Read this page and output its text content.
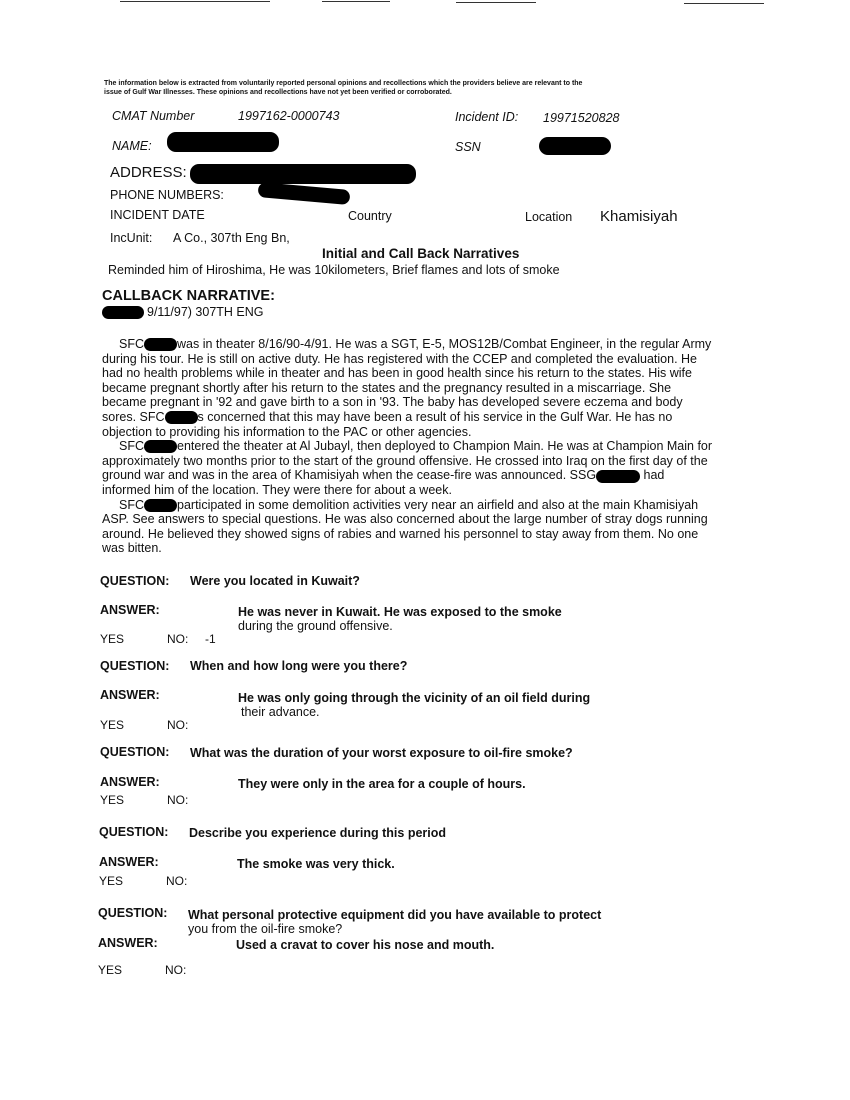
The information below is extracted from voluntarily reported personal opinions and recollections which the providers believe are relevant to the
issue of Gulf War Illnesses. These opinions and recollections have not yet been verified or corroborated.
CMAT Number	1997162-0000743	Incident ID: 19971520828
NAME:	SSN
ADDRESS:
PHONE NUMBERS:
INCIDENT DATE	Country	Location Khamisiyah
IncUnit: A Co., 307th Eng Bn,
Initial and Call Back Narratives
Reminded him of Hiroshima, He was 10kilometers, Brief flames and lots of smoke
CALLBACK NARRATIVE:
9/11/97) 307TH ENG

SFC	was in theater 8/16/90-4/91. He was a SGT, E-5, MOS12B/Combat Engineer, in the regular Army during his tour. He is still on active duty. He has registered with the CCEP and completed the evaluation. He had no health problems while in theater and has been in good health since his return to the states. His wife became pregnant shortly after his return to the states and the pregnancy resulted in a miscarriage. She became pregnant in '92 and gave birth to a son in '93. The baby has developed severe eczema and body sores. SFC	s concerned that this may have been a result of his service in the Gulf War. He has no objection to providing his information to the PAC or other agencies.

SFC	entered the theater at Al Jubayl, then deployed to Champion Main. He was at Champion Main for approximately two months prior to the start of the ground offensive. He crossed into Iraq on the first day of the ground war and was in the area of Khamisiyah when the cease-fire was announced. SSG	had informed him of the location. They were there for about a week.

SFC	participated in some demolition activities very near an airfield and also at the main Khamisiyah ASP. See answers to special questions. He was also concerned about the large number of stray dogs running around. He believed they showed signs of rabies and warned his personnel to stay away from them. No one was bitten.

QUESTION: Were you located in Kuwait?
ANSWER:	He was never in Kuwait. He was exposed to the smoke
during the ground offensive.
YES	NO: -1
QUESTION: When and how long were you there?
ANSWER:	He was only going through the vicinity of an oil field during
their advance.
YES	NO:
QUESTION: What was the duration of your worst exposure to oil-fire smoke?
ANSWER:	They were only in the area for a couple of hours.
YES	NO:
QUESTION: Describe you experience during this period
ANSWER:	The smoke was very thick.
YES	NO:
QUESTION: What personal protective equipment did you have available to protect
you from the oil-fire smoke?
ANSWER:	Used a cravat to cover his nose and mouth.
YES	NO:
